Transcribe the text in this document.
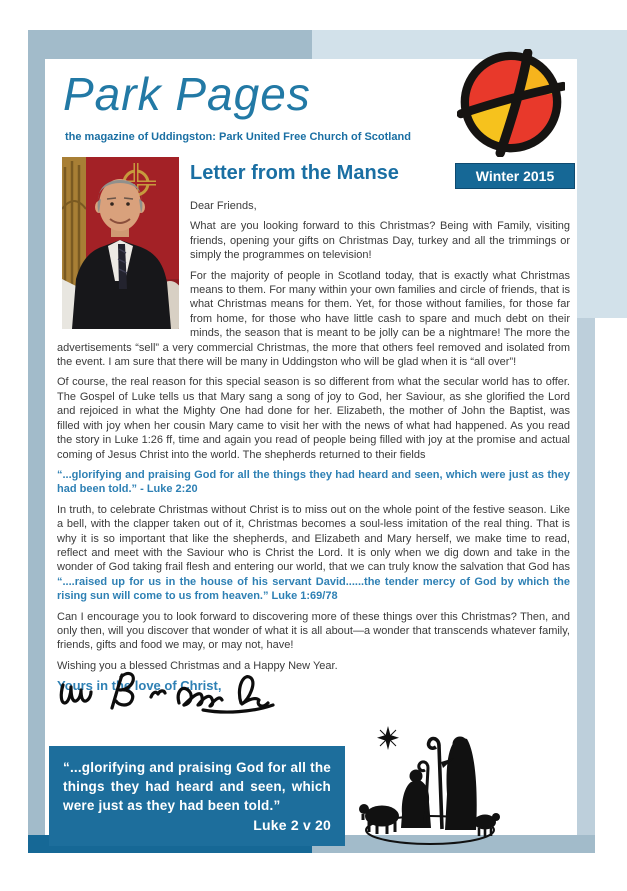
Park Pages
the magazine of Uddingston: Park United Free Church of Scotland
Letter from the Manse	Winter 2015

Dear Friends,

What are you looking forward to this Christmas? Being with Family, visiting friends, opening your gifts on Christmas Day, turkey and all the trimmings or simply the programmes on television!

For the majority of people in Scotland today, that is exactly what Christmas means to them. For many within your own families and circle of friends, that is what Christmas means for them. Yet, for those without families, for those far from home, for those who have little cash to spare and much debt on their minds, the season that is meant to be jolly can be a nightmare! The more the advertisements “sell” a very commercial Christmas, the more that others feel removed and isolated from the event. I am sure that there will be many in Uddingston who will be glad when it is “all over”!

Of course, the real reason for this special season is so different from what the secular world has to offer. The Gospel of Luke tells us that Mary sang a song of joy to God, her Saviour, as she glorified the Lord and rejoiced in what the Mighty One had done for her. Elizabeth, the mother of John the Baptist, was filled with joy when her cousin Mary came to visit her with the news of what had happened. As you read the story in Luke 1:26 ff, time and again you read of people being filled with joy at the promise and actual coming of Jesus Christ into the world. The shepherds returned to their fields

“...glorifying and praising God for all the things they had heard and seen, which were just as they had been told.” - Luke 2:20

In truth, to celebrate Christmas without Christ is to miss out on the whole point of the festive season. Like a bell, with the clapper taken out of it, Christmas becomes a soul-less imitation of the real thing. That is why it is so important that like the shepherds, and Elizabeth and Mary herself, we make time to read, reflect and meet with the Saviour who is Christ the Lord. It is only when we dig down and take in the wonder of God taking frail flesh and entering our world, that we can truly know the salvation that God has “....raised up for us in the house of his servant David......the tender mercy of God by which the rising sun will come to us from heaven.” Luke 1:69/78

Can I encourage you to look forward to discovering more of these things over this Christmas? Then, and only then, will you discover that wonder of what it is all about—a wonder that transcends whatever family, friends, gifts and food we may, or may not, have!

Wishing you a blessed Christmas and a Happy New Year.

Yours in the love of Christ,

“...glorifying and praising God for all the things they had heard and seen, which were just as they had been told.”

Luke 2 v 20
